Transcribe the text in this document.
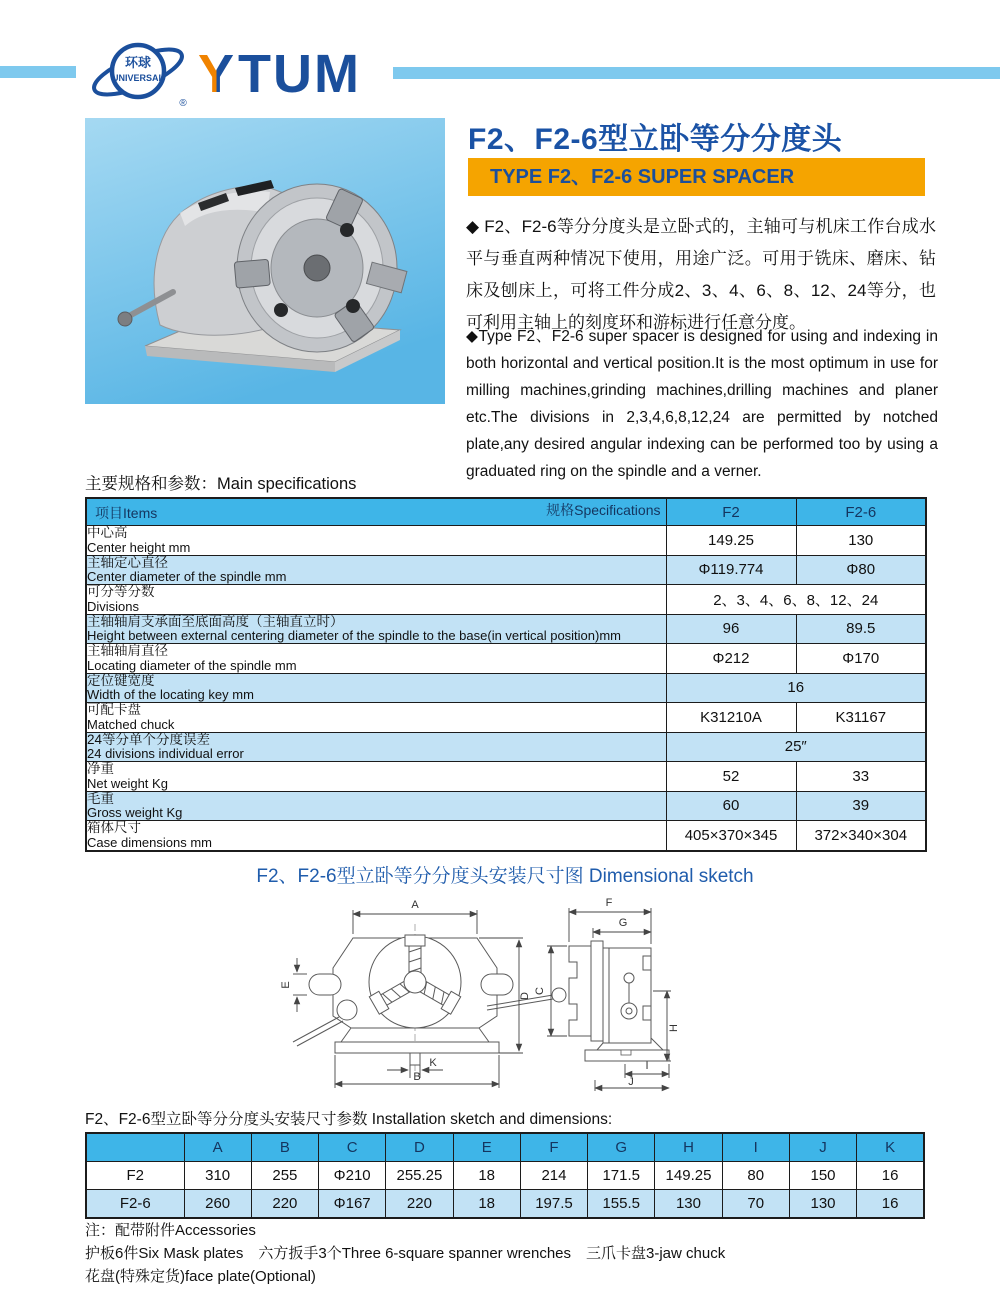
环球
UNIVERSAL
® Y TUM
F2、F2-6型立卧等分分度头
TYPE F2、F2-6 SUPER SPACER
◆ F2、F2-6等分分度头是立卧式的，主轴可与机床工作台成水平与垂直两种情况下使用，用途广泛。可用于铣床、磨床、钻床及刨床上，可将工件分成2、3、4、6、8、12、24等分，也可利用主轴上的刻度环和游标进行任意分度。
◆Type F2、F2-6 super spacer is designed for using and indexing in both horizontal and vertical position.It is the most optimum in use for milling machines,grinding machines,drilling machines and planer etc.The divisions in 2,3,4,6,8,12,24 are permitted by notched plate,any desired angular indexing can be performed too by using a graduated ring on the spindle and a verner.
主要规格和参数：Main specifications
项目Items 规格Specifications	F2	F2-6

中心高
Center height mm	149.25	130

主轴定心直径
Center diameter of the spindle mm	Φ119.774	Φ80

可分等分数
Divisions	2、3、4、6、8、12、24	

主轴轴肩支承面至底面高度（主轴直立时）
Height between external centering diameter of the spindle to the base(in vertical position)mm	96	89.5

主轴轴肩直径
Locating diameter of the spindle mm	Φ212	Φ170

定位键宽度
Width of the locating key mm	16	

可配卡盘
Matched chuck	K31210A	K31167

24等分单个分度误差
24 divisions individual error	25″	

净重
Net weight Kg	52	33

毛重
Gross weight Kg	60	39

箱体尺寸
Case dimensions mm	405×370×345	372×340×304
F2、F2-6型立卧等分分度头安装尺寸图 Dimensional sketch
A
E
D
K
B
F
G
C
H
I
J
F2、F2-6型立卧等分分度头安装尺寸参数 Installation sketch and dimensions:
	A	B	C	D	E	F	G	H	I	J	K
F2	310	255	Φ210	255.25	18	214	171.5	149.25	80	150	16
F2-6	260	220	Φ167	220	18	197.5	155.5	130	70	130	16

注：配带附件Accessories

护板6件Six Mask plates　六方扳手3个Three 6-square spanner wrenches　三爪卡盘3-jaw chuck

花盘(特殊定货)face plate(Optional)
